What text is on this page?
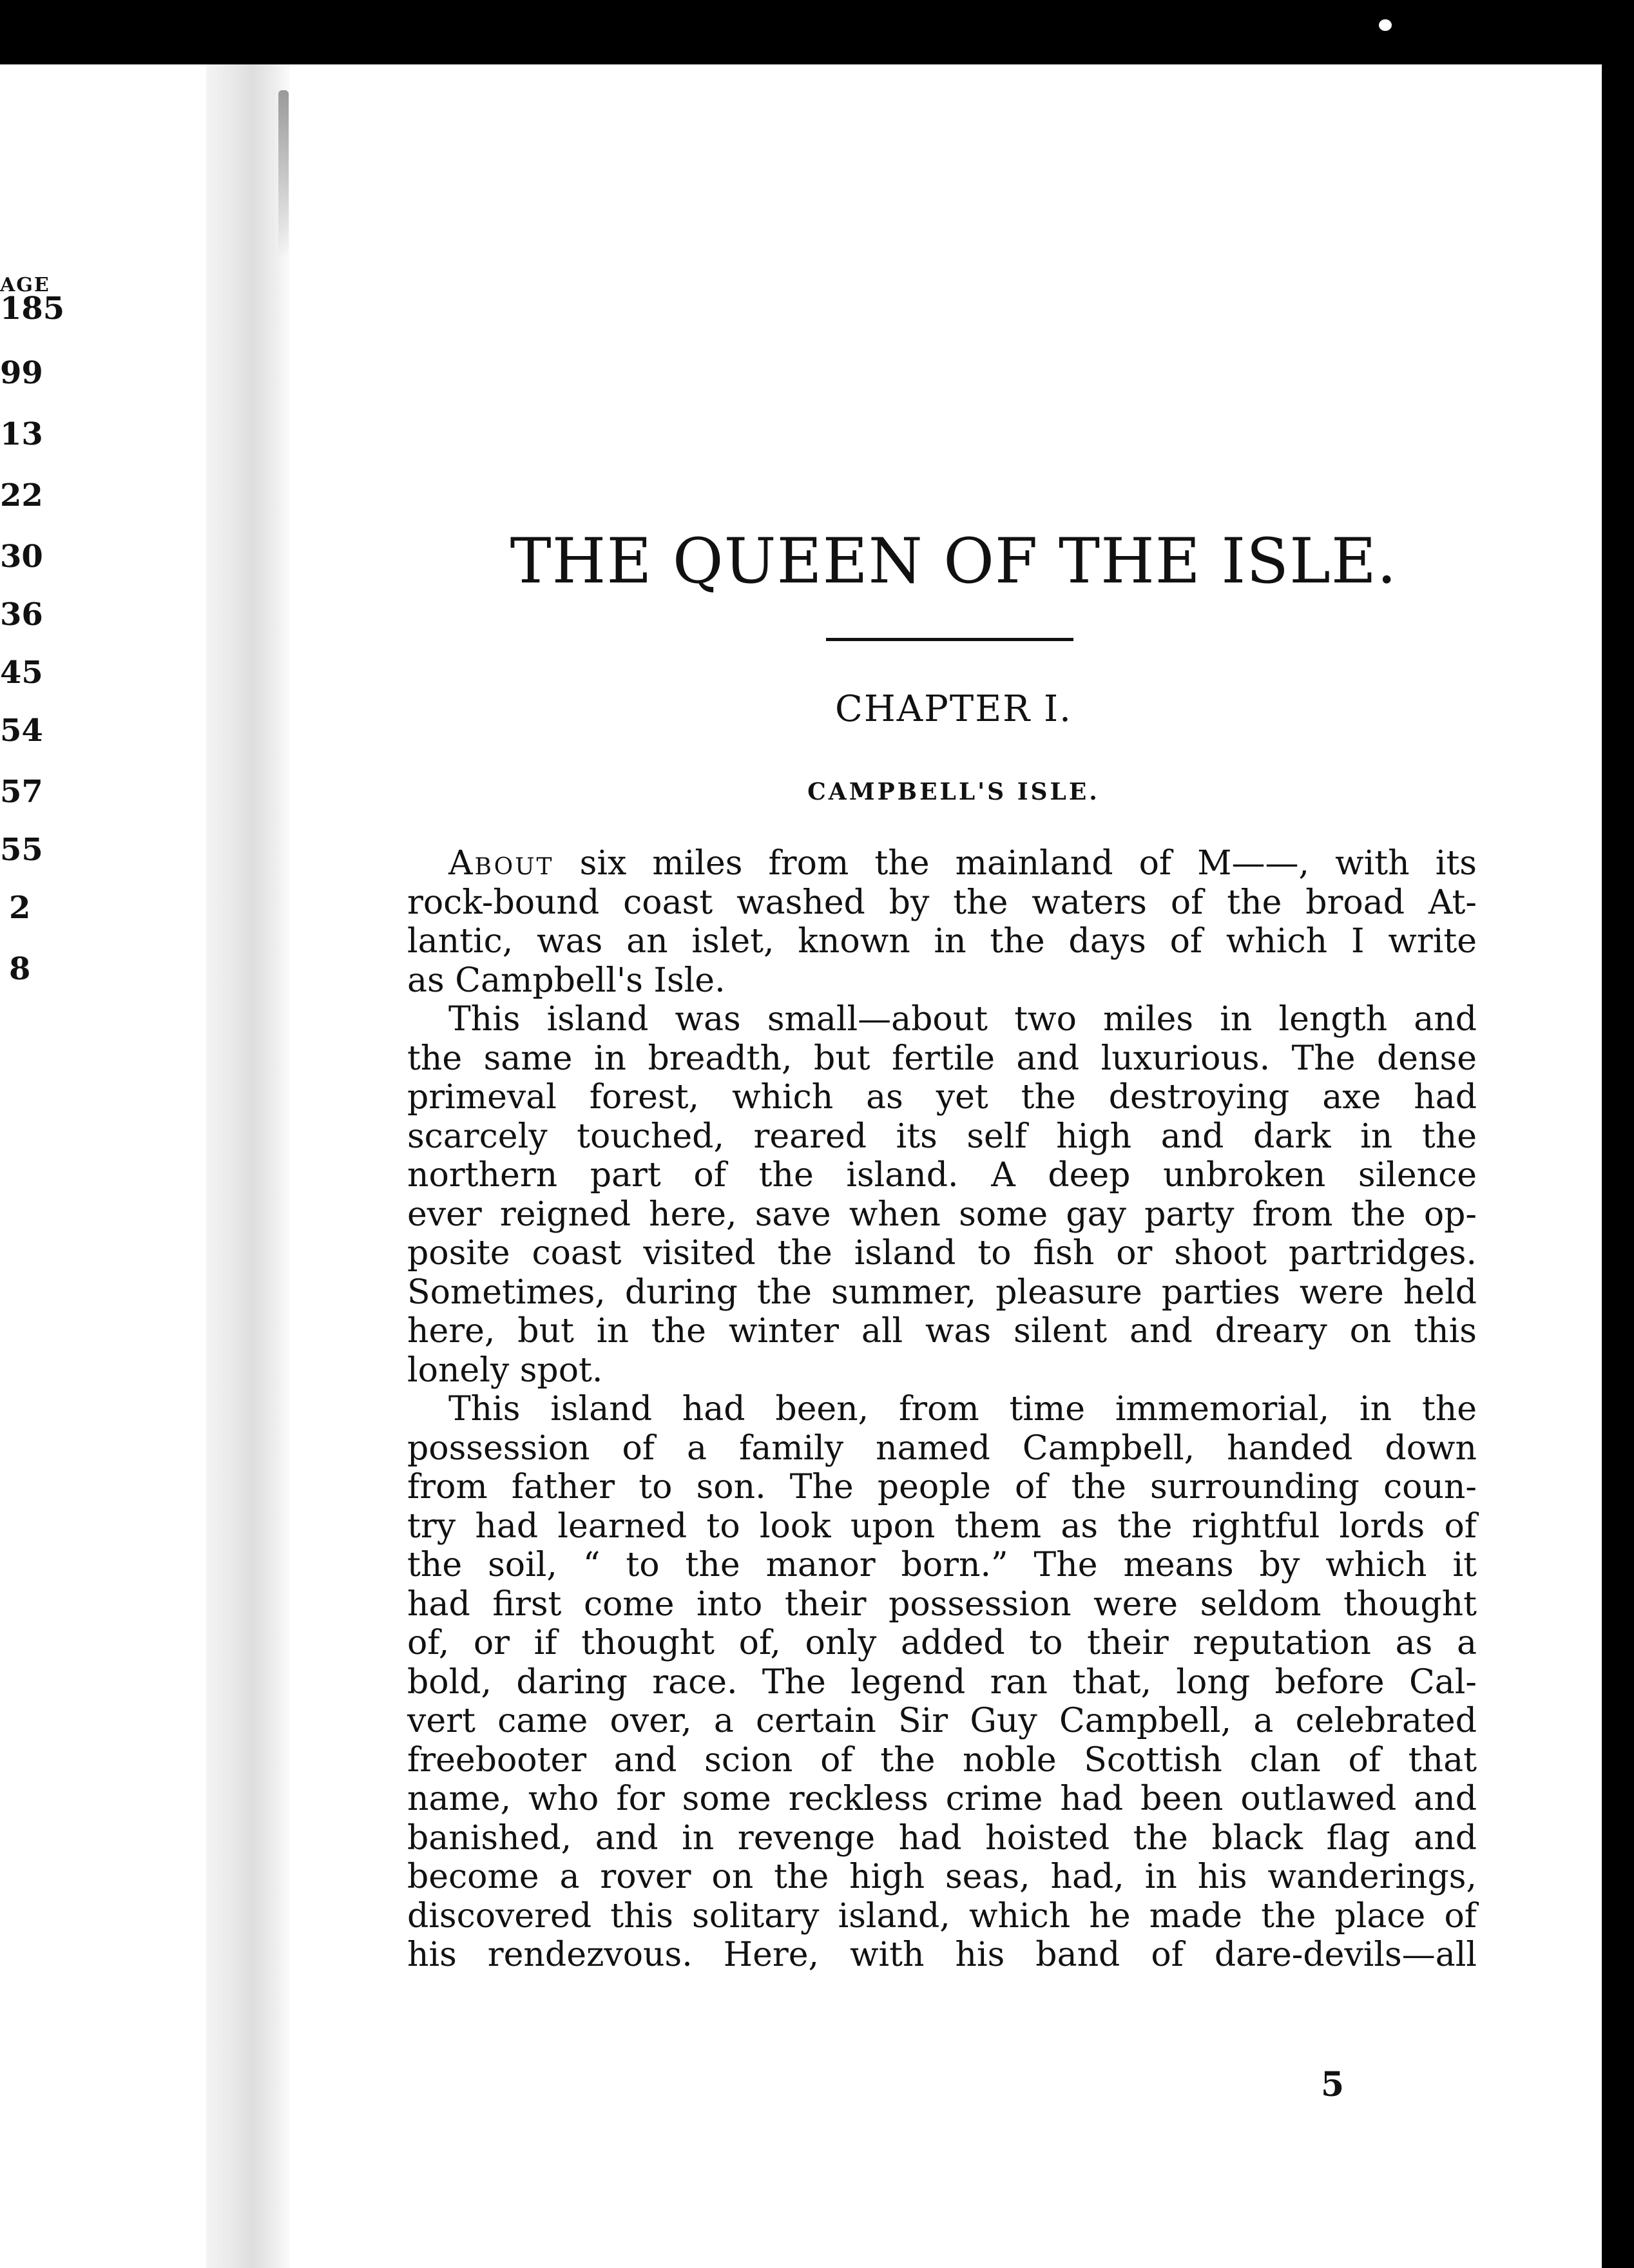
AGE
185
99
13
22
30
36
45
54
57
55
2
8
THE QUEEN OF THE ISLE.
CHAPTER I.
CAMPBELL'S ISLE.
About six miles from the mainland of M——, with its
rock-bound coast washed by the waters of the broad At-
lantic, was an islet, known in the days of which I write
as Campbell's Isle.
This island was small—about two miles in length and
the same in breadth, but fertile and luxurious. The dense
primeval forest, which as yet the destroying axe had
scarcely touched, reared its self high and dark in the
northern part of the island. A deep unbroken silence
ever reigned here, save when some gay party from the op-
posite coast visited the island to fish or shoot partridges.
Sometimes, during the summer, pleasure parties were held
here, but in the winter all was silent and dreary on this
lonely spot.
This island had been, from time immemorial, in the
possession of a family named Campbell, handed down
from father to son. The people of the surrounding coun-
try had learned to look upon them as the rightful lords of
the soil, “ to the manor born.” The means by which it
had first come into their possession were seldom thought
of, or if thought of, only added to their reputation as a
bold, daring race. The legend ran that, long before Cal-
vert came over, a certain Sir Guy Campbell, a celebrated
freebooter and scion of the noble Scottish clan of that
name, who for some reckless crime had been outlawed and
banished, and in revenge had hoisted the black flag and
become a rover on the high seas, had, in his wanderings,
discovered this solitary island, which he made the place of
his rendezvous. Here, with his band of dare-devils—all

5
